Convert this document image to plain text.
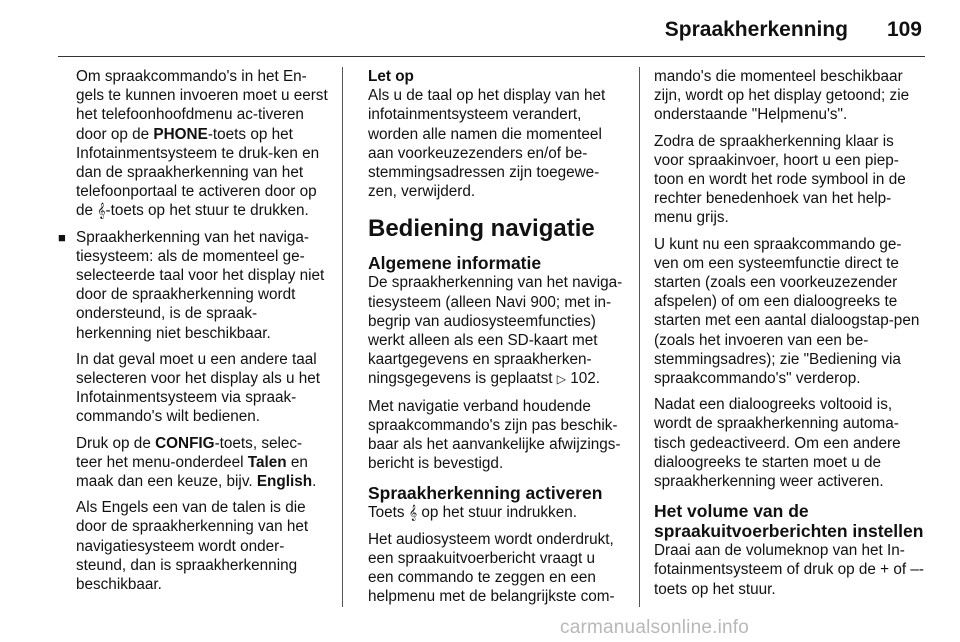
Spraakherkenning 109

Om spraakcommando's in het En-gels te kunnen invoeren moet u eerst het telefoonhoofdmenu ac-tiveren door op de PHONE-toets op het Infotainmentsysteem te druk-ken en dan de spraakherkenning van het telefoonportaal te activeren door op de 𝄞-toets op het stuur te drukken.

■ Spraakherkenning van het naviga-tiesysteem: als de momenteel ge-selecteerde taal voor het display niet door de spraakherkenning wordt ondersteund, is de spraak-herkenning niet beschikbaar.

In dat geval moet u een andere taal selecteren voor het display als u het Infotainmentsysteem via spraak-commando's wilt bedienen.

Druk op de CONFIG-toets, selec-teer het menu-onderdeel Talen en maak dan een keuze, bijv. English.

Als Engels een van de talen is die door de spraakherkenning van het navigatiesysteem wordt onder-steund, dan is spraakherkenning beschikbaar.

Let op

Als u de taal op het display van het infotainmentsysteem verandert, worden alle namen die momenteel aan voorkeuzezenders en/of be-stemmingsadressen zijn toegewe-zen, verwijderd.

Bediening navigatie
Algemene informatie

De spraakherkenning van het naviga-tiesysteem (alleen Navi 900; met in-begrip van audiosysteemfuncties) werkt alleen als een SD-kaart met kaartgegevens en spraakherken-ningsgegevens is geplaatst ▷ 102.

Met navigatie verband houdende spraakcommando's zijn pas beschik-baar als het aanvankelijke afwijzings-bericht is bevestigd.

Spraakherkenning activeren

Toets 𝄞 op het stuur indrukken.

Het audiosysteem wordt onderdrukt, een spraakuitvoerbericht vraagt u een commando te zeggen en een helpmenu met de belangrijkste com-

mando's die momenteel beschikbaar zijn, wordt op het display getoond; zie onderstaande "Helpmenu's".

Zodra de spraakherkenning klaar is voor spraakinvoer, hoort u een piep-toon en wordt het rode symbool in de rechter benedenhoek van het help-menu grijs.

U kunt nu een spraakcommando ge-ven om een systeemfunctie direct te starten (zoals een voorkeuzezender afspelen) of om een dialoogreeks te starten met een aantal dialoogstap-pen (zoals het invoeren van een be-stemmingsadres); zie "Bediening via spraakcommando's" verderop.

Nadat een dialoogreeks voltooid is, wordt de spraakherkenning automa-tisch gedeactiveerd. Om een andere dialoogreeks te starten moet u de spraakherkenning weer activeren.

Het volume van de spraakuitvoerberichten instellen

Draai aan de volumeknop van het In-fotainmentsysteem of druk op de + of –-toets op het stuur.

carmanualsonline.info
